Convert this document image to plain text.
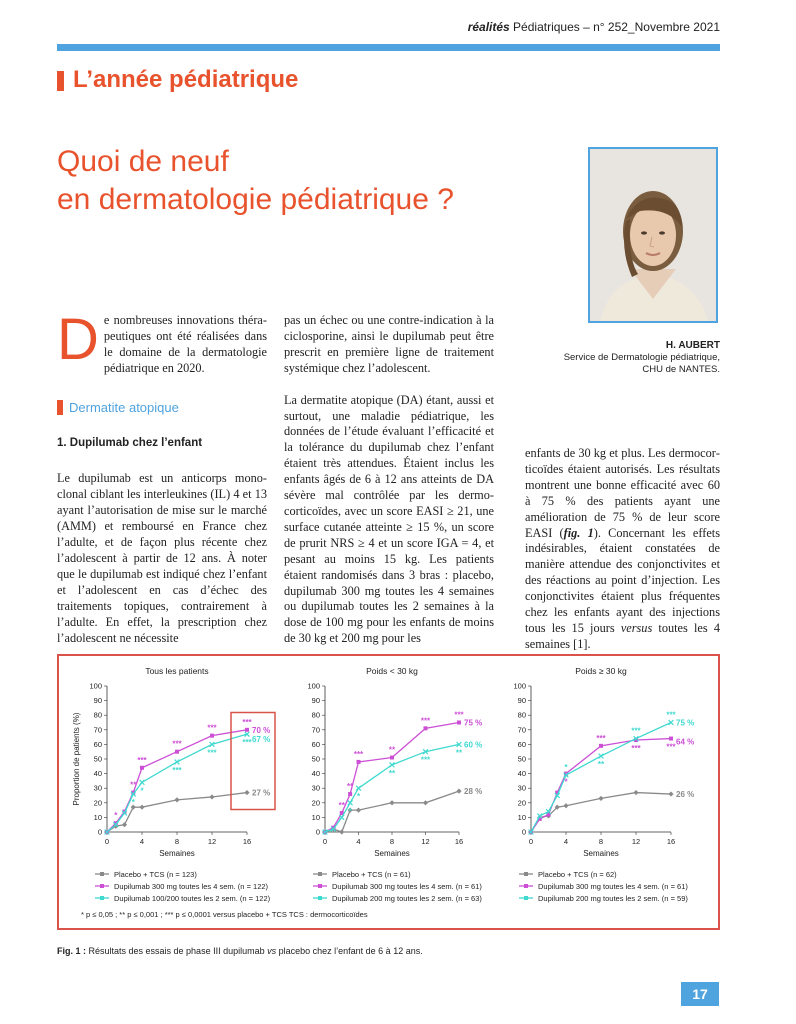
réalités Pédiatriques – n° 252_Novembre 2021
L’année pédiatrique
Quoi de neuf
en dermatologie pédiatrique ?
H. AUBERT
Service de Dermatologie pédiatrique,
CHU de NANTES.

De nombreuses innovations thérapeutiques ont été réalisées dans le domaine de la dermatologie pédiatrique en 2020.

Dermatite atopique
1. Dupilumab chez l’enfant

Le dupilumab est un anticorps monoclonal ciblant les interleukines (IL) 4 et 13 ayant l’autorisation de mise sur le marché (AMM) et remboursé en France chez l’adulte, et de façon plus récente chez l’adolescent à partir de 12 ans. À noter que le dupilumab est indiqué chez l’enfant et l’adolescent en cas d’échec des traitements topiques, contrairement à l’adulte. En effet, la prescription chez l’adolescent ne nécessite

pas un échec ou une contre-indication à la ciclosporine, ainsi le dupilumab peut être prescrit en première ligne de traitement systémique chez l’adolescent.

La dermatite atopique (DA) étant, aussi et surtout, une maladie pédiatrique, les données de l’étude évaluant l’efficacité et la tolérance du dupilumab chez l’enfant étaient très attendues. Étaient inclus les enfants âgés de 6 à 12 ans atteints de DA sévère mal contrôlée par les dermocorticoïdes, avec un score EASI ≥ 21, une surface cutanée atteinte ≥ 15 %, un score de prurit NRS ≥ 4 et un score IGA = 4, et pesant au moins 15 kg. Les patients étaient randomisés dans 3 bras : placebo, dupilumab 300 mg toutes les 4 semaines ou dupilumab toutes les 2 semaines à la dose de 100 mg pour les enfants de moins de 30 kg et 200 mg pour les

enfants de 30 kg et plus. Les dermocorticoïdes étaient autorisés. Les résultats montrent une bonne efficacité avec 60 à 75 % des patients ayant une amélioration de 75 % de leur score EASI (fig. 1). Concernant les effets indésirables, étaient constatées de manière attendue des conjonctivites et des réactions au point d’injection. Les conjonctivites étaient plus fréquentes chez les enfants ayant des injections tous les 15 jours versus toutes les 4 semaines [1].

Tous les patients
0
10
20
30
40
50
60
70
80
90
100
0	4	8	12	16
Semaines
Proportion de patients (%)	27 %
70 %
67 %
*
**
*
***
*
***
***
***
***
***
***
Placebo + TCS (n = 123)
Dupilumab 300 mg toutes les 4 sem. (n = 122)
Dupilumab 100/200 toutes les 2 sem. (n = 122)
Poids < 30 kg
0
10
20
30
40
50
60
70
80
90
100
0	4	8	12	16
Semaines
28 %
75 %
60 %
**
**
*
***
*
**
**
***
***
***
**
Placebo + TCS (n = 61)
Dupilumab 300 mg toutes les 4 sem. (n = 61)
Dupilumab 200 mg toutes les 2 sem. (n = 63)
Poids ≥ 30 kg
0
10
20
30
40
50
60
70
80
90
100
0	4	8	12	16
Semaines
26 %
64 %
75 %
*
*
***
**
***
***
***
***
Placebo + TCS (n = 62)
Dupilumab 300 mg toutes les 4 sem. (n = 61)
Dupilumab 200 mg toutes les 2 sem. (n = 59)
* p ≤ 0,05 ; ** p ≤ 0,001 ; *** p ≤ 0,0001 versus placebo + TCS TCS : dermocorticoïdes
Fig. 1 : Résultats des essais de phase III dupilumab vs placebo chez l’enfant de 6 à 12 ans.
17
